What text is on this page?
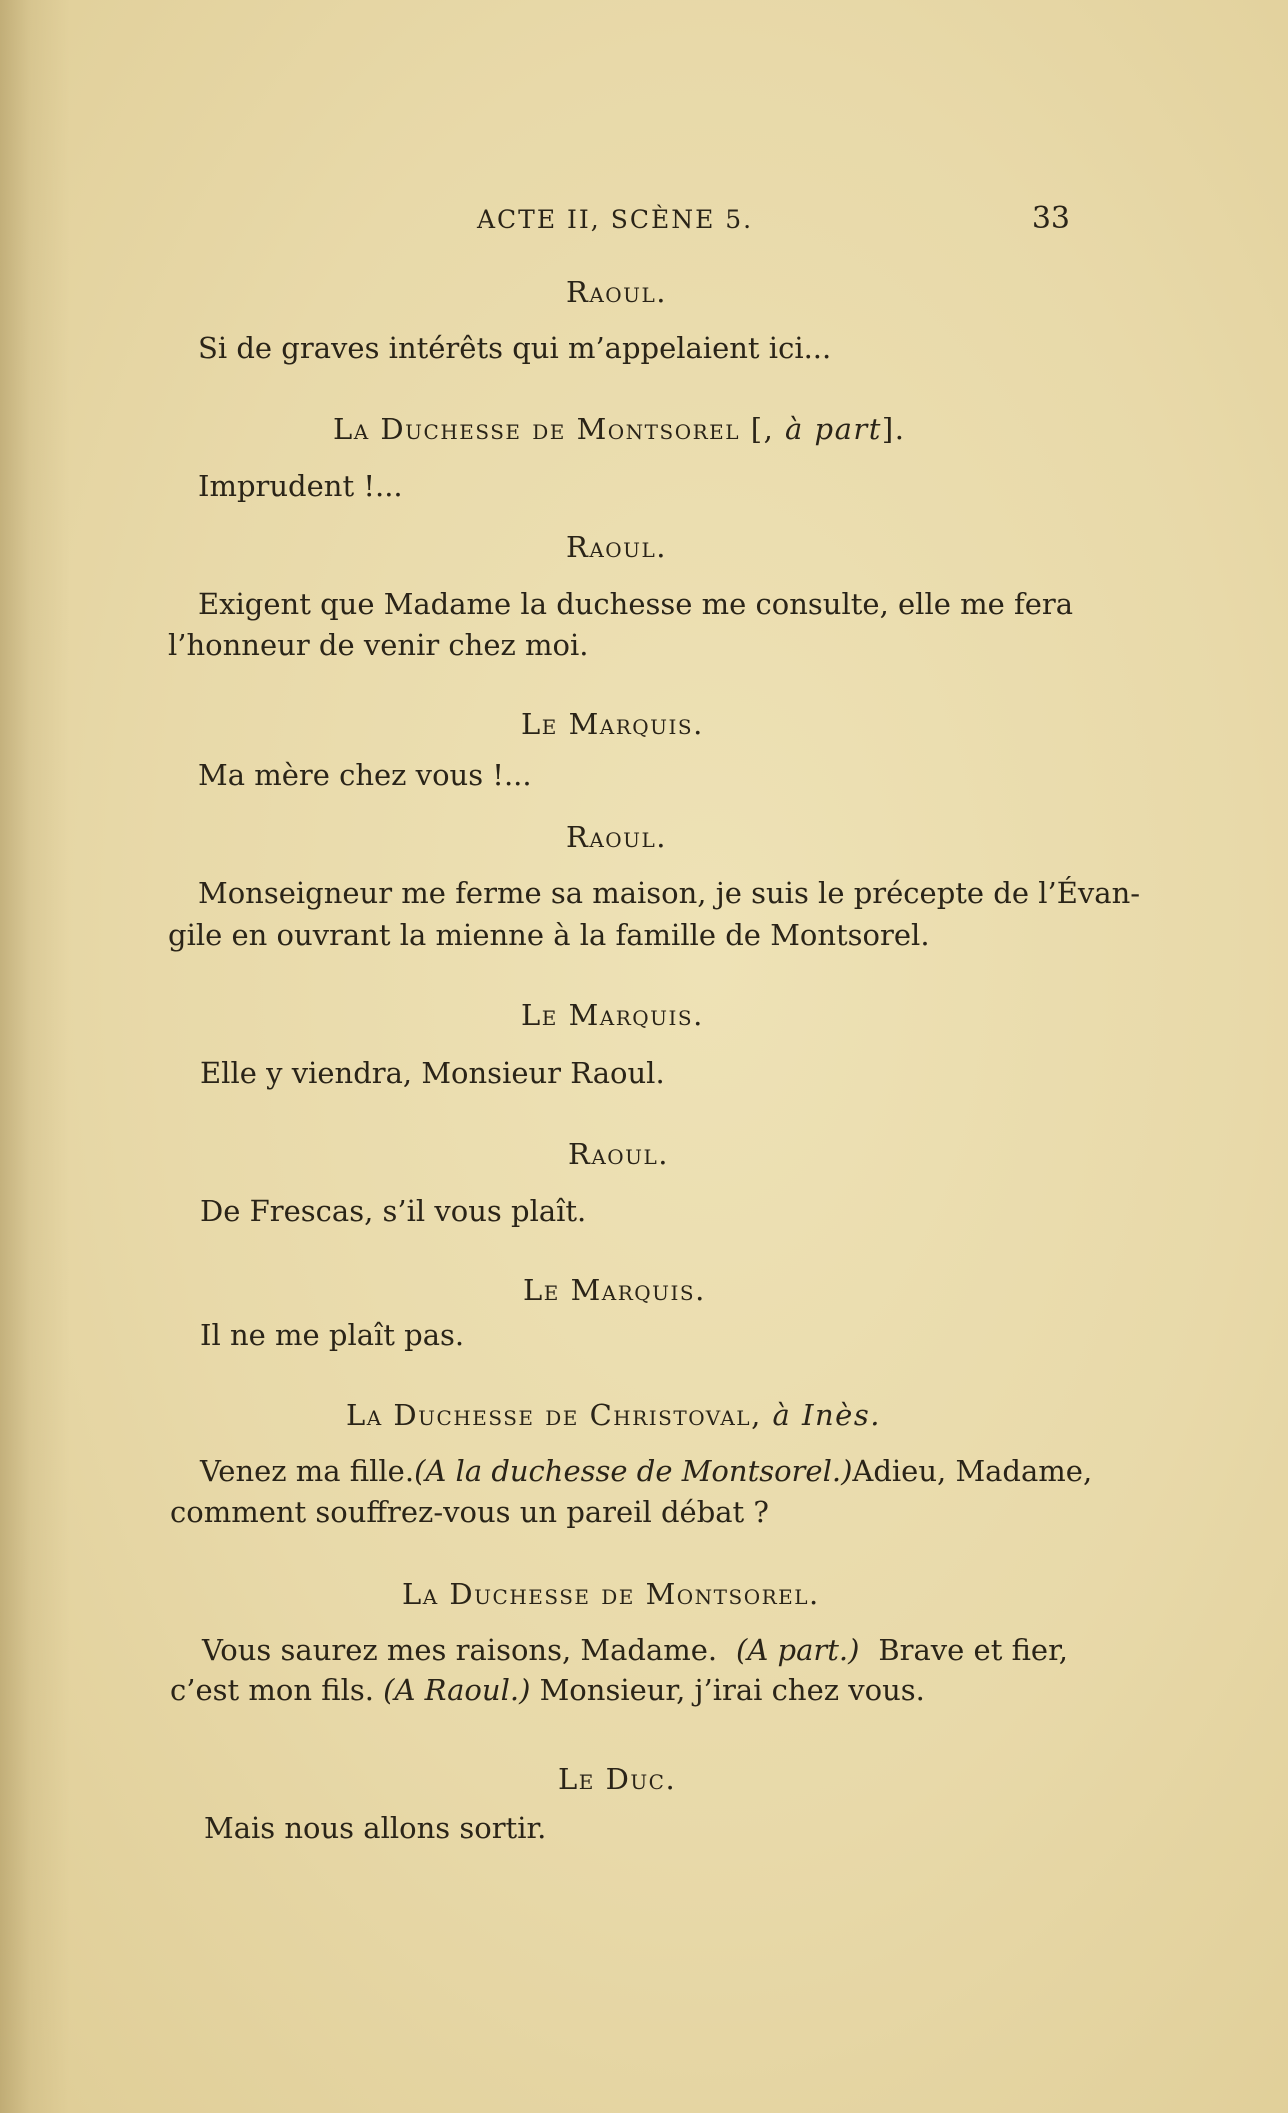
ACTE II, SCÈNE 5.	33
Raoul.
Si de graves intérêts qui m’appelaient ici...
La Duchesse de Montsorel [, à part].
Imprudent !...
Raoul.
Exigent que Madame la duchesse me consulte, elle me fera
l’honneur de venir chez moi.
Le Marquis.
Ma mère chez vous !...
Raoul.
Monseigneur me ferme sa maison, je suis le précepte de l’Évan-
gile en ouvrant la mienne à la famille de Montsorel.
Le Marquis.
Elle y viendra, Monsieur Raoul.
Raoul.
De Frescas, s’il vous plaît.
Le Marquis.
Il ne me plaît pas.
La Duchesse de Christoval, à Inès.
Venez ma fille. (A la duchesse de Montsorel.) Adieu, Madame,
comment souffrez-vous un pareil débat ?
La Duchesse de Montsorel.
Vous saurez mes raisons, Madame. (A part.) Brave et fier,
c’est mon fils. (A Raoul.) Monsieur, j’irai chez vous.
Le Duc.
Mais nous allons sortir.
